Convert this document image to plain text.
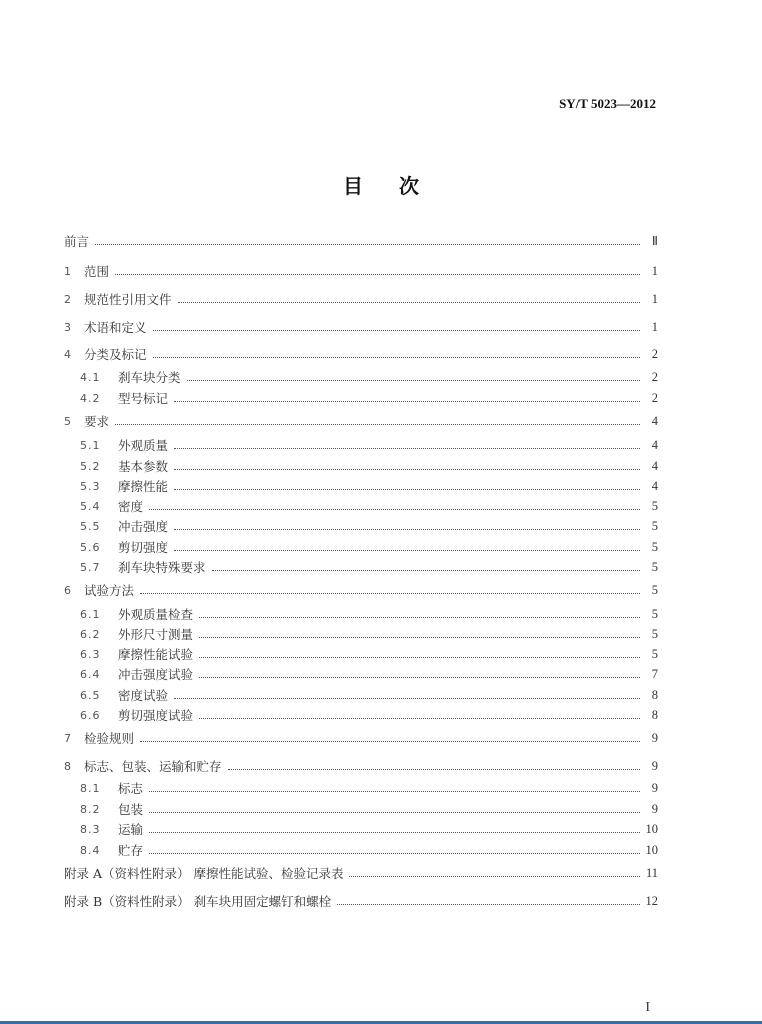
SY/T 5023—2012
目次
前言	Ⅱ
1	范围	1
2	规范性引用文件	1
3	术语和定义	1
4	分类及标记	2
4.1	刹车块分类	2
4.2	型号标记	2
5	要求	4
5.1	外观质量	4
5.2	基本参数	4
5.3	摩擦性能	4
5.4	密度	5
5.5	冲击强度	5
5.6	剪切强度	5
5.7	刹车块特殊要求	5
6	试验方法	5
6.1	外观质量检查	5
6.2	外形尺寸测量	5
6.3	摩擦性能试验	5
6.4	冲击强度试验	7
6.5	密度试验	8
6.6	剪切强度试验	8
7	检验规则	9
8	标志、包装、运输和贮存	9
8.1	标志	9
8.2	包装	9
8.3	运输	10
8.4	贮存	10
附录 A（资料性附录） 摩擦性能试验、检验记录表	11
附录 B（资料性附录） 刹车块用固定螺钉和螺栓	12
I
